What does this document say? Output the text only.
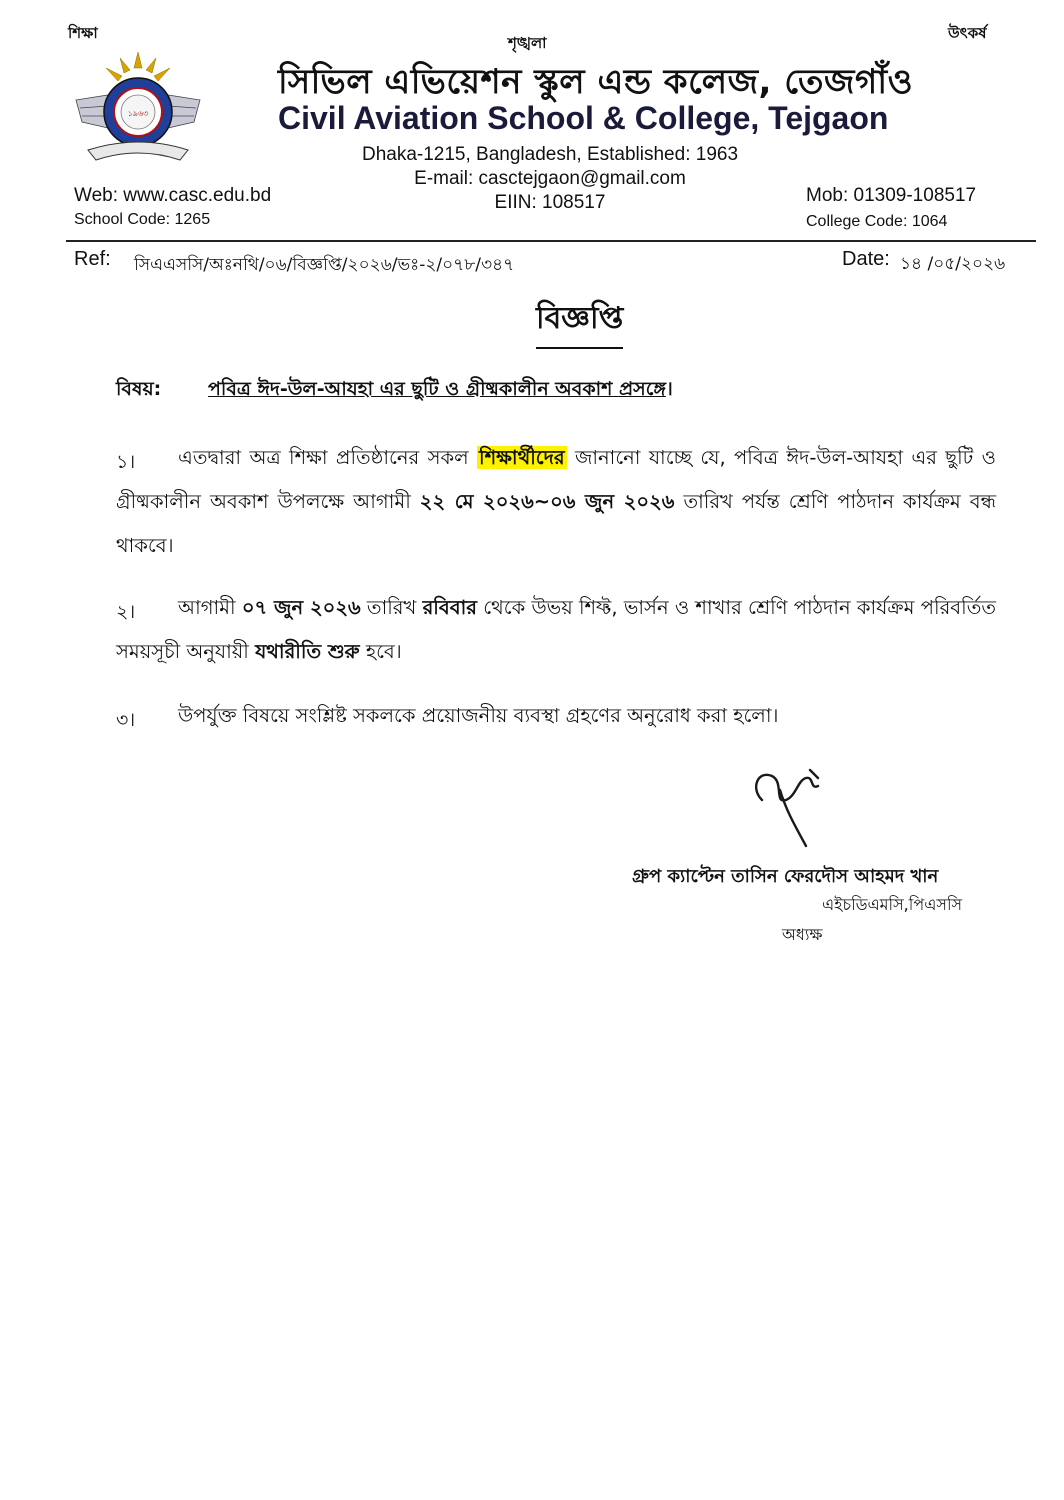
শিক্ষা
শৃঙ্খলা
উৎকর্ষ
১৯৬৩
সিভিল এভিয়েশন স্কুল এন্ড কলেজ, তেজগাঁও
Civil Aviation School & College, Tejgaon
Dhaka-1215, Bangladesh, Established: 1963
E-mail: casctejgaon@gmail.com
EIIN: 108517
Web: www.casc.edu.bd
School Code: 1265
Mob: 01309-108517
College Code: 1064
Ref: সিএএসসি/অঃনথি/০৬/বিজ্ঞপ্তি/২০২৬/ভঃ-২/০৭৮/৩৪৭	Date: ১৪ /০৫/২০২৬
বিজ্ঞপ্তি
বিষয়: পবিত্র ঈদ-উল-আযহা এর ছুটি ও গ্রীষ্মকালীন অবকাশ প্রসঙ্গে।
১।	এতদ্বারা অত্র শিক্ষা প্রতিষ্ঠানের সকল শিক্ষার্থীদের জানানো যাচ্ছে যে, পবিত্র ঈদ-উল-আযহা এর ছুটি ও গ্রীষ্মকালীন অবকাশ উপলক্ষে আগামী ২২ মে ২০২৬~০৬ জুন ২০২৬ তারিখ পর্যন্ত শ্রেণি পাঠদান কার্যক্রম বন্ধ থাকবে।
২।	আগামী ০৭ জুন ২০২৬ তারিখ রবিবার থেকে উভয় শিফ্ট, ভার্সন ও শাখার শ্রেণি পাঠদান কার্যক্রম পরিবর্তিত সময়সূচী অনুযায়ী যথারীতি শুরু হবে।
৩।	উপর্যুক্ত বিষয়ে সংশ্লিষ্ট সকলকে প্রয়োজনীয় ব্যবস্থা গ্রহণের অনুরোধ করা হলো।
গ্রুপ ক্যাপ্টেন তাসিন ফেরদৌস আহমদ খান
এইচডিএমসি,পিএসসি
অধ্যক্ষ
